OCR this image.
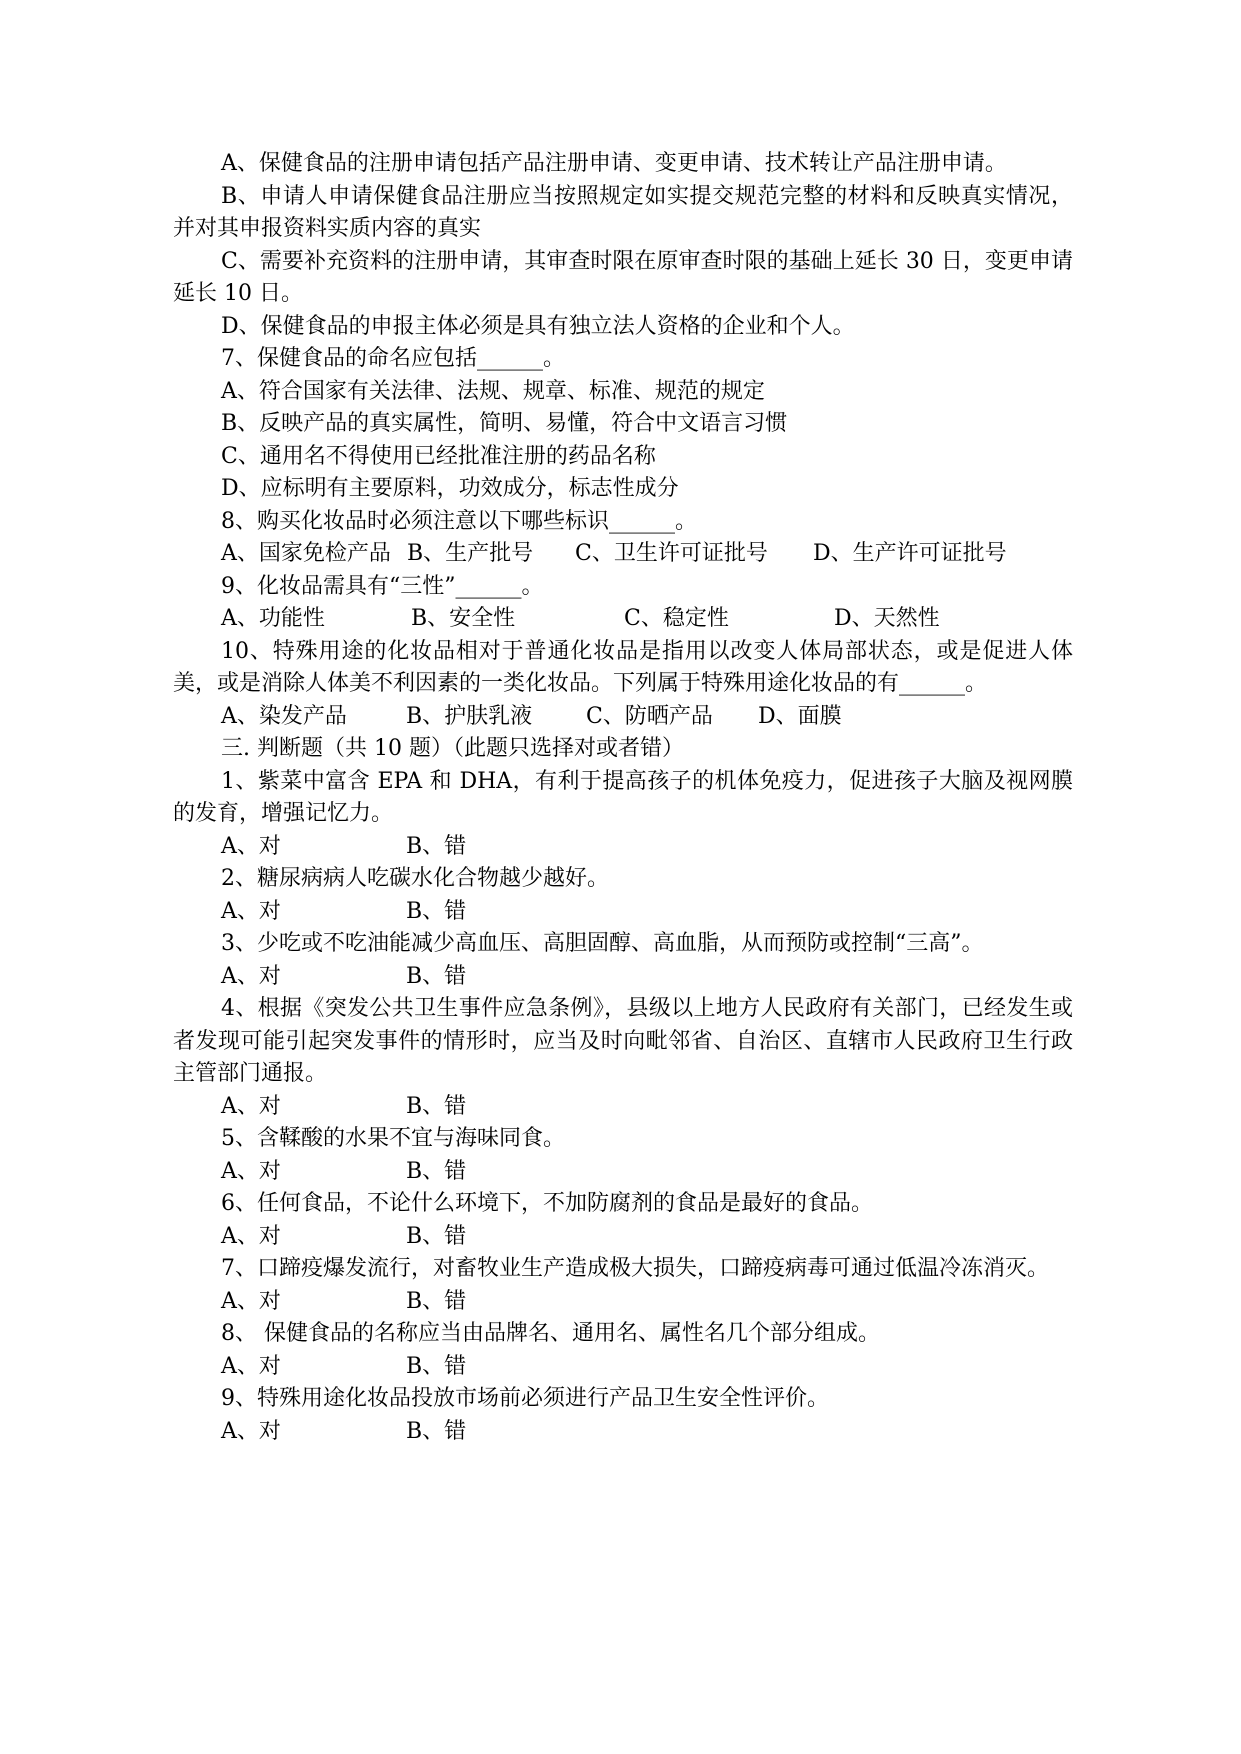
A、保健食品的注册申请包括产品注册申请、变更申请、技术转让产品注册申请。

B、申请人申请保健食品注册应当按照规定如实提交规范完整的材料和反映真实情况，并对其申报资料实质内容的真实

C、需要补充资料的注册申请，其审查时限在原审查时限的基础上延长 30 日，变更申请延长 10 日。

D、保健食品的申报主体必须是具有独立法人资格的企业和个人。

7、保健食品的命名应包括______。

A、符合国家有关法律、法规、规章、标准、规范的规定

B、反映产品的真实属性，简明、易懂，符合中文语言习惯

C、通用名不得使用已经批准注册的药品名称

D、应标明有主要原料，功效成分，标志性成分

8、购买化妆品时必须注意以下哪些标识______。

A、国家免检产品 B、生产批号	C、卫生许可证批号	D、生产许可证批号

9、化妆品需具有“三性”______。

A、功能性	B、安全性	C、稳定性	D、天然性

10、特殊用途的化妆品相对于普通化妆品是指用以改变人体局部状态，或是促进人体美，或是消除人体美不利因素的一类化妆品。下列属于特殊用途化妆品的有______。

A、染发产品	B、护肤乳液	C、防晒产品	D、面膜

三. 判断题（共 10 题）（此题只选择对或者错）

1、紫菜中富含 EPA 和 DHA，有利于提高孩子的机体免疫力，促进孩子大脑及视网膜的发育，增强记忆力。

A、对	B、错

2、糖尿病病人吃碳水化合物越少越好。

A、对	B、错

3、少吃或不吃油能减少高血压、高胆固醇、高血脂，从而预防或控制“三高”。

A、对	B、错

4、根据《突发公共卫生事件应急条例》，县级以上地方人民政府有关部门，已经发生或者发现可能引起突发事件的情形时，应当及时向毗邻省、自治区、直辖市人民政府卫生行政主管部门通报。

A、对	B、错

5、含鞣酸的水果不宜与海味同食。

A、对	B、错

6、任何食品，不论什么环境下，不加防腐剂的食品是最好的食品。

A、对	B、错

7、口蹄疫爆发流行，对畜牧业生产造成极大损失，口蹄疫病毒可通过低温冷冻消灭。

A、对	B、错

8、 保健食品的名称应当由品牌名、通用名、属性名几个部分组成。

A、对	B、错

9、特殊用途化妆品投放市场前必须进行产品卫生安全性评价。

A、对	B、错
